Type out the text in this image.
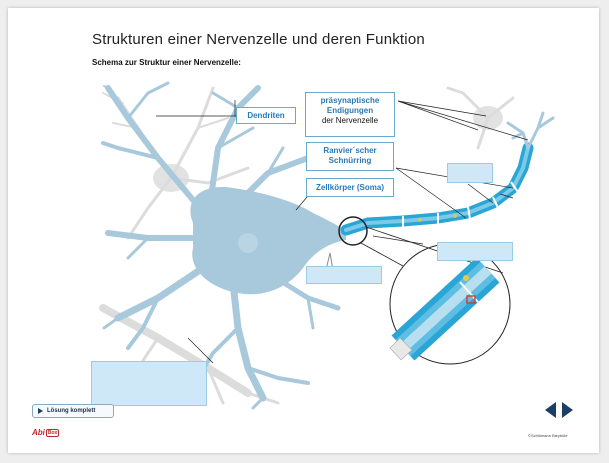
Strukturen einer Nervenzelle und deren Funktion
Schema zur Struktur einer Nervenzelle:
Dendriten
präsynaptische
Endigungen
der Nervenzelle
Ranvier´scher
Schnürring
Zellkörper (Soma)
Lösung komplett
Abi Box	©Schlömann Bleybüle
